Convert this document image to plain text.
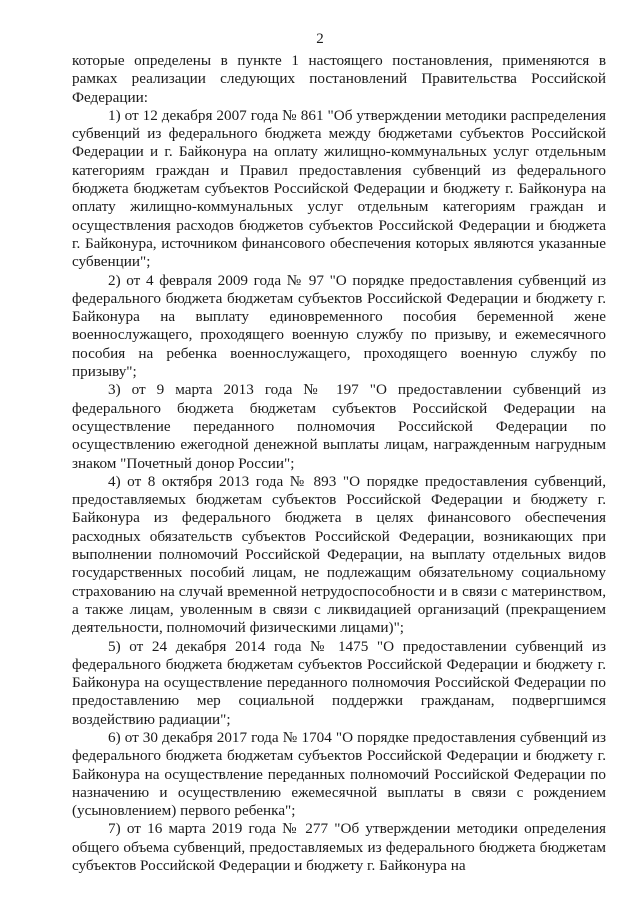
2

которые определены в пункте 1 настоящего постановления, применяются в рамках реализации следующих постановлений Правительства Российской Федерации:

1) от 12 декабря 2007 года № 861 "Об утверждении методики распределения субвенций из федерального бюджета между бюджетами субъектов Российской Федерации и г. Байконура на оплату жилищно-коммунальных услуг отдельным категориям граждан и Правил предоставления субвенций из федерального бюджета бюджетам субъектов Российской Федерации и бюджету г. Байконура на оплату жилищно-коммунальных услуг отдельным категориям граждан и осуществления расходов бюджетов субъектов Российской Федерации и бюджета г. Байконура, источником финансового обеспечения которых являются указанные субвенции";

2) от 4 февраля 2009 года № 97 "О порядке предоставления субвенций из федерального бюджета бюджетам субъектов Российской Федерации и бюджету г. Байконура на выплату единовременного пособия беременной жене военнослужащего, проходящего военную службу по призыву, и ежемесячного пособия на ребенка военнослужащего, проходящего военную службу по призыву";

3) от 9 марта 2013 года № 197 "О предоставлении субвенций из федерального бюджета бюджетам субъектов Российской Федерации на осуществление переданного полномочия Российской Федерации по осуществлению ежегодной денежной выплаты лицам, награжденным нагрудным знаком "Почетный донор России";

4) от 8 октября 2013 года № 893 "О порядке предоставления субвенций, предоставляемых бюджетам субъектов Российской Федерации и бюджету г. Байконура из федерального бюджета в целях финансового обеспечения расходных обязательств субъектов Российской Федерации, возникающих при выполнении полномочий Российской Федерации, на выплату отдельных видов государственных пособий лицам, не подлежащим обязательному социальному страхованию на случай временной нетрудоспособности и в связи с материнством, а также лицам, уволенным в связи с ликвидацией организаций (прекращением деятельности, полномочий физическими лицами)";

5) от 24 декабря 2014 года № 1475 "О предоставлении субвенций из федерального бюджета бюджетам субъектов Российской Федерации и бюджету г. Байконура на осуществление переданного полномочия Российской Федерации по предоставлению мер социальной поддержки гражданам, подвергшимся воздействию радиации";

6) от 30 декабря 2017 года № 1704 "О порядке предоставления субвенций из федерального бюджета бюджетам субъектов Российской Федерации и бюджету г. Байконура на осуществление переданных полномочий Российской Федерации по назначению и осуществлению ежемесячной выплаты в связи с рождением (усыновлением) первого ребенка";

7) от 16 марта 2019 года № 277 "Об утверждении методики определения общего объема субвенций, предоставляемых из федерального бюджета бюджетам субъектов Российской Федерации и бюджету г. Байконура на
